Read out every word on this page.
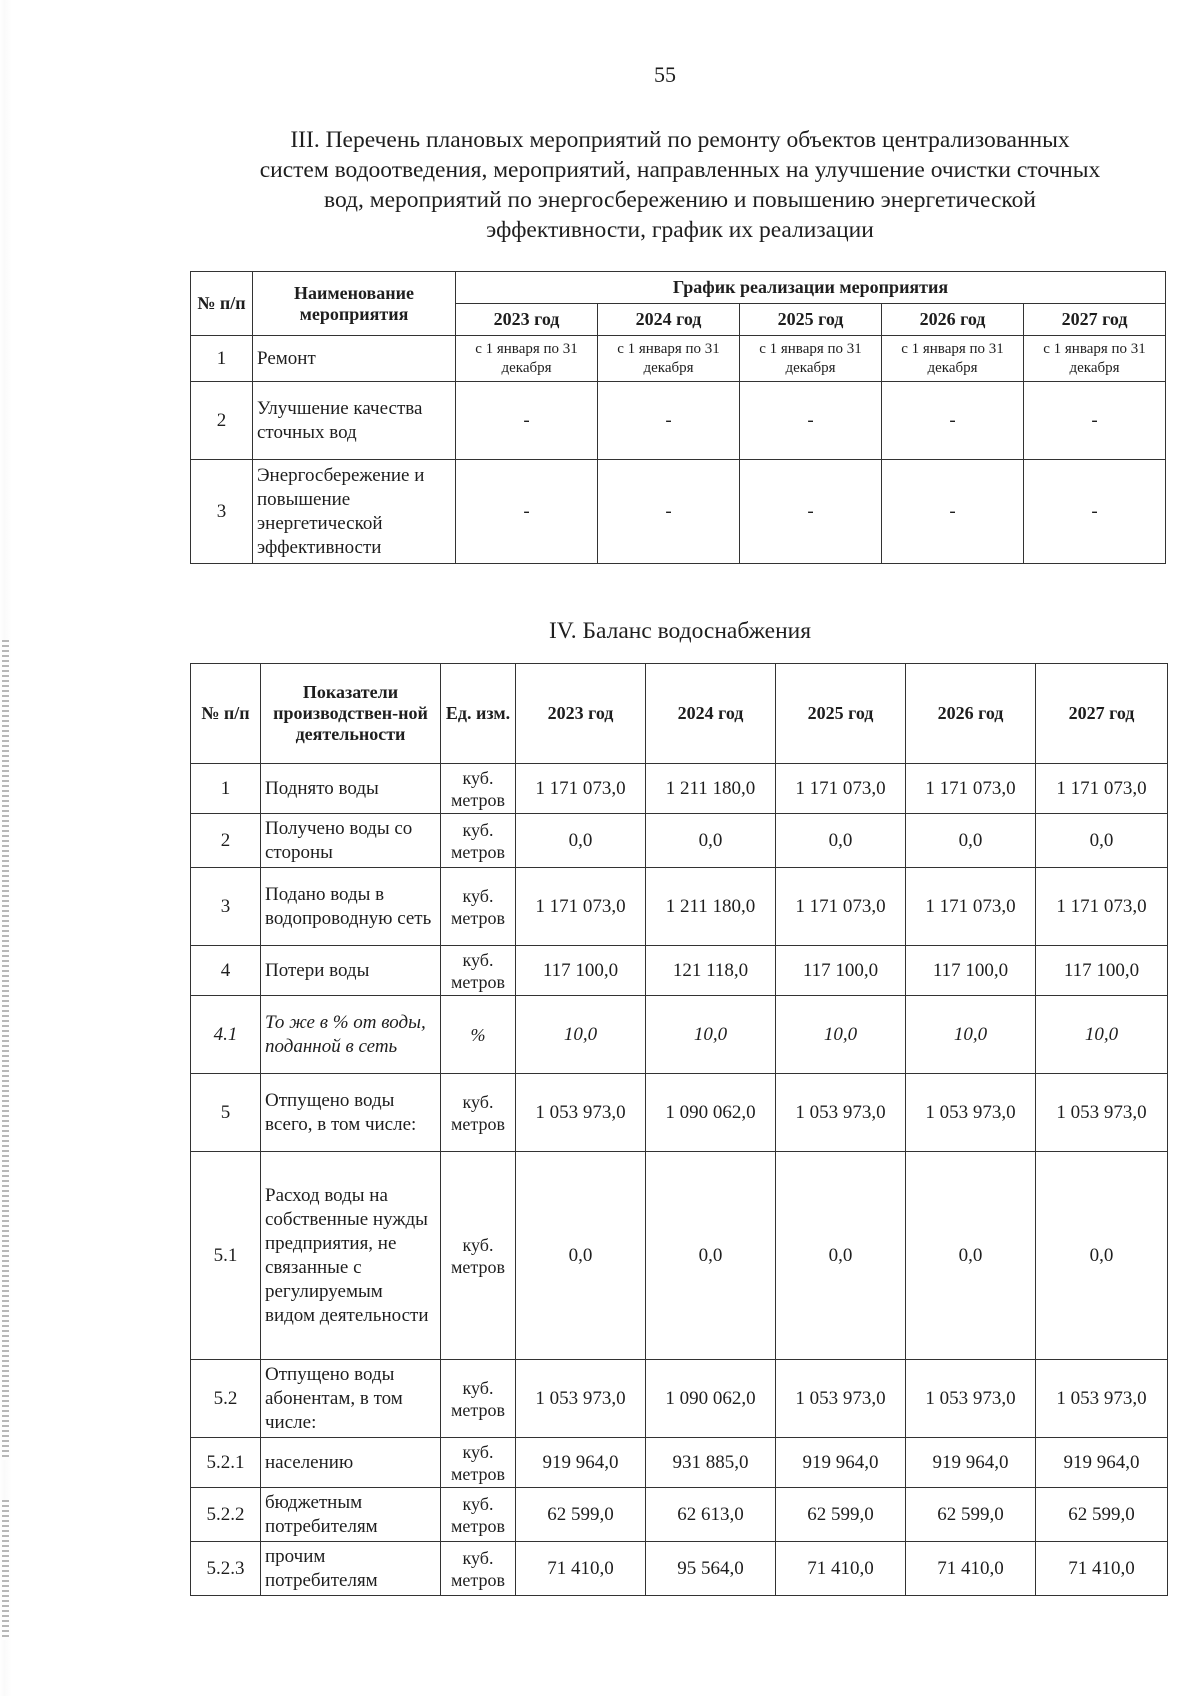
55
III. Перечень плановых мероприятий по ремонту объектов централизованных
систем водоотведения, мероприятий, направленных на улучшение очистки сточных
вод, мероприятий по энергосбережению и повышению энергетической
эффективности, график их реализации
№ п/п	Наименование мероприятия	График реализации мероприятия				
		2023 год	2024 год	2025 год	2026 год	2027 год
1	Ремонт	с 1 января по 31 декабря	с 1 января по 31 декабря	с 1 января по 31 декабря	с 1 января по 31 декабря	с 1 января по 31 декабря
2	Улучшение качества сточных вод	-	-	-	-	-
3	Энергосбережение и повышение энергетической эффективности	-	-	-	-	-
IV. Баланс водоснабжения
№ п/п	Показатели производствен-ной деятельности	Ед. изм.	2023 год	2024 год	2025 год	2026 год	2027 год
1	Поднято воды	куб. метров	1 171 073,0	1 211 180,0	1 171 073,0	1 171 073,0	1 171 073,0
2	Получено воды со стороны	куб. метров	0,0	0,0	0,0	0,0	0,0
3	Подано воды в водопроводную сеть	куб. метров	1 171 073,0	1 211 180,0	1 171 073,0	1 171 073,0	1 171 073,0
4	Потери воды	куб. метров	117 100,0	121 118,0	117 100,0	117 100,0	117 100,0
4.1	То же в % от воды, поданной в сеть	%	10,0	10,0	10,0	10,0	10,0
5	Отпущено воды всего, в том числе:	куб. метров	1 053 973,0	1 090 062,0	1 053 973,0	1 053 973,0	1 053 973,0
5.1	Расход воды на собственные нужды предприятия, не связанные с регулируемым видом деятельности	куб. метров	0,0	0,0	0,0	0,0	0,0
5.2	Отпущено воды абонентам, в том числе:	куб. метров	1 053 973,0	1 090 062,0	1 053 973,0	1 053 973,0	1 053 973,0
5.2.1	населению	куб. метров	919 964,0	931 885,0	919 964,0	919 964,0	919 964,0
5.2.2	бюджетным потребителям	куб. метров	62 599,0	62 613,0	62 599,0	62 599,0	62 599,0
5.2.3	прочим потребителям	куб. метров	71 410,0	95 564,0	71 410,0	71 410,0	71 410,0
